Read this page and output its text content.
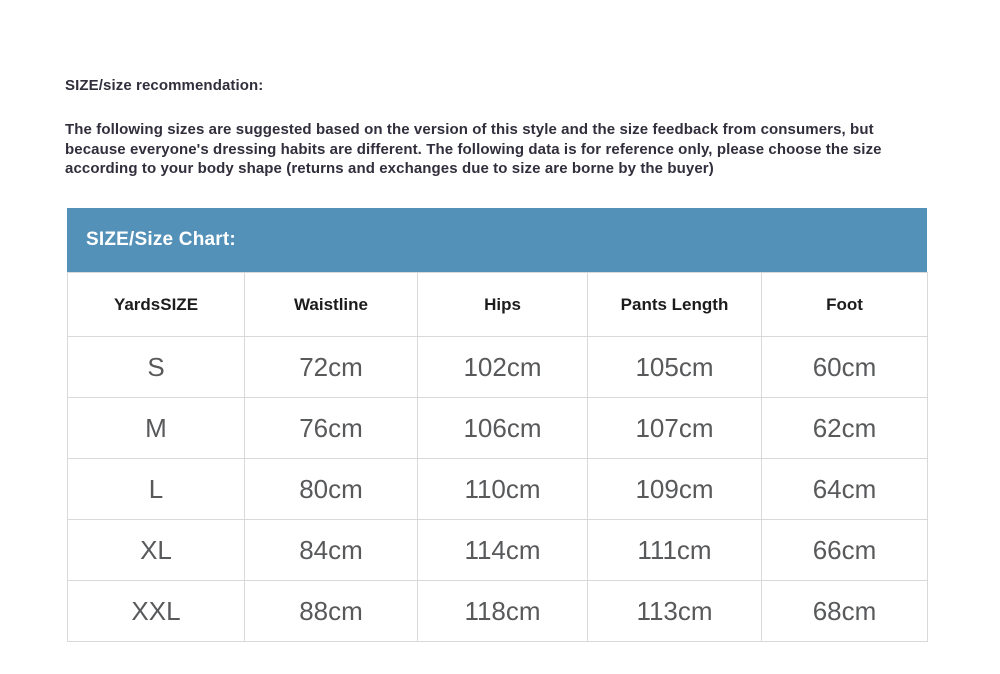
SIZE/size recommendation:
The following sizes are suggested based on the version of this style and the size feedback from consumers, but because everyone's dressing habits are different. The following data is for reference only, please choose the size according to your body shape (returns and exchanges due to size are borne by the buyer)
SIZE/Size Chart:
YardsSIZE	Waistline	Hips	Pants Length	Foot
S	72cm	102cm	105cm	60cm
M	76cm	106cm	107cm	62cm
L	80cm	110cm	109cm	64cm
XL	84cm	114cm	111cm	66cm
XXL	88cm	118cm	113cm	68cm
